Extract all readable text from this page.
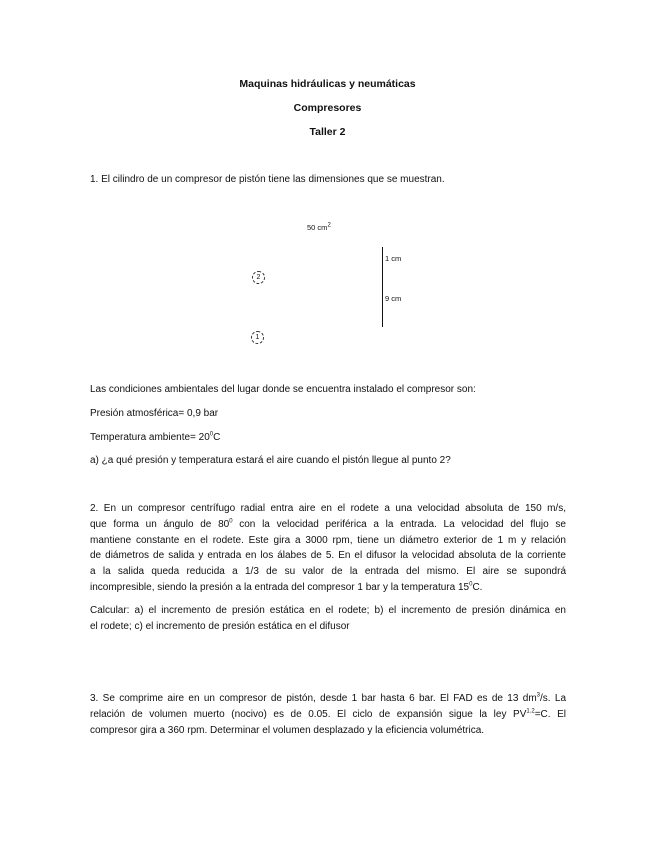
Maquinas hidráulicas y neumáticas
Compresores
Taller 2
1. El cilindro de un compresor de pistón tiene las dimensiones que se muestran.
50 $cm^2$
1 cm
9 cm
2
1
Las condiciones ambientales del lugar donde se encuentra instalado el compresor son:
Presión atmosférica= 0,9 bar
Temperatura ambiente= $20^0C$
a) ¿a qué presión y temperatura estará el aire cuando el pistón llegue al punto 2?
2. En un compresor centrífugo radial entra aire en el rodete a una velocidad absoluta de 150 m/s,
que forma un ángulo de $80^0$ con la velocidad periférica a la entrada. La velocidad del flujo se
mantiene constante en el rodete. Este gira a 3000 rpm, tiene un diámetro exterior de 1 m y relación
de diámetros de salida y entrada en los álabes de 5. En el difusor la velocidad absoluta de la corriente
a la salida queda reducida a 1/3 de su valor de la entrada del mismo. El aire se supondrá
incompresible, siendo la presión a la entrada del compresor 1 bar y la temperatura $15^0C$.
Calcular: a) el incremento de presión estática en el rodete; b) el incremento de presión dinámica en
el rodete; c) el incremento de presión estática en el difusor
3. Se comprime aire en un compresor de pistón, desde 1 bar hasta 6 bar. El FAD es de 13 $dm^3/s$. La
relación de volumen muerto (nocivo) es de 0.05. El ciclo de expansión sigue la ley $PV^{1.2}=C$. El
compresor gira a 360 rpm. Determinar el volumen desplazado y la eficiencia volumétrica.
